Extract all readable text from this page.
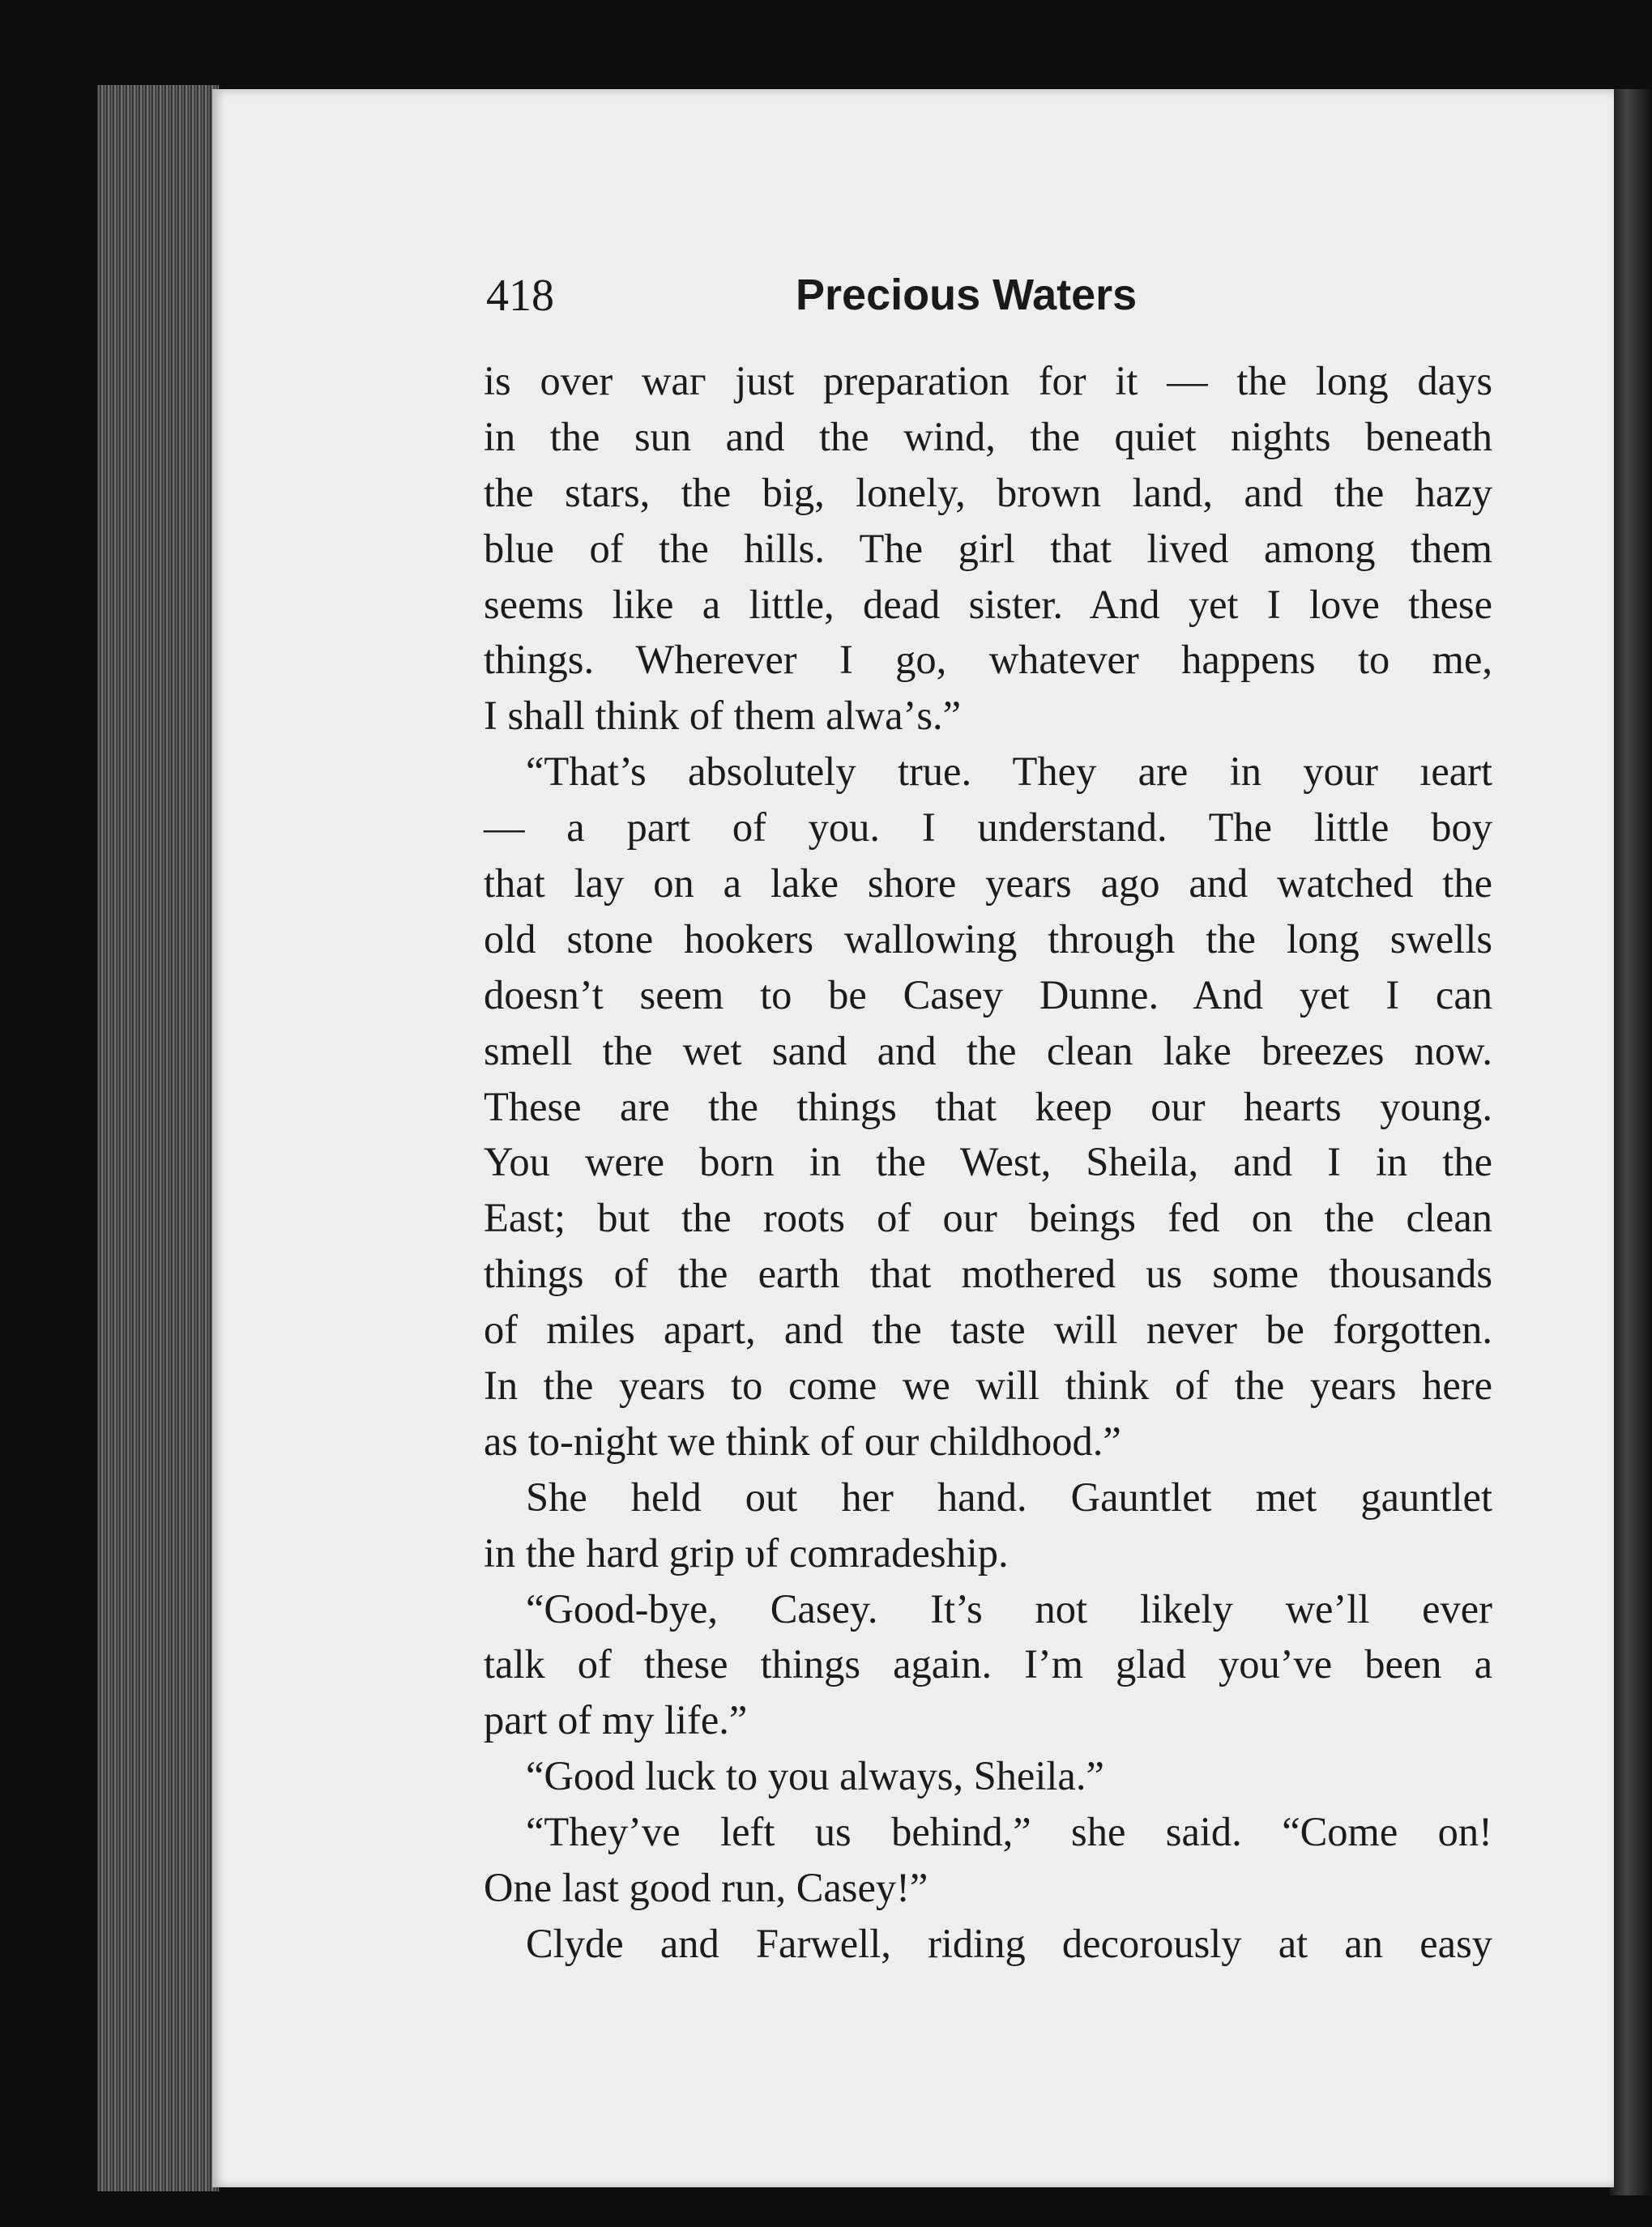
418	Precious Waters
is over waг just preparation for it — the long days
in the sun and the wind, the quiet nights beneath
the stars, the big, lonely, brown land, and the hazy
blue of the hills. The girl that lived among them
seems like a little, dead sister. And yet I love these
things. Wherever I go, whatever happens to me,
I shall think of them alwaʼs.”
“That’s absolutely true. They are in your ıeart
— a part of you. I understand. The little boy
that lay on a lake shore years ago and watched the
old stone hookers wallowing through the long swells
doesn’t seem to be Casey Dunne. And yet I can
smell the wet sand and the clean lake breezes now.
These are the things that keep our hearts young.
You were born in the West, Sheila, and I in the
East; but the roots of our beings fed on the clean
things of the earth that mothered us some thousands
of miles apart, and the taste will never be forgotten.
In the years to come we will think of the years here
as to-night we think of our childhood.”
She held out her hand. Gauntlet met gauntlet
in the hard grip υf comradeship.
“Good-bye, Casey. It’s not likely we’ll ever
talk of these things again. I’m glad you’ve been a
part of my life.”
“Good luck to you always, Sheila.”
“They’ve left us behind,” she said. “Come on!
One last good run, Casey!”
Clyde and Farwell, riding decorously at an easy
